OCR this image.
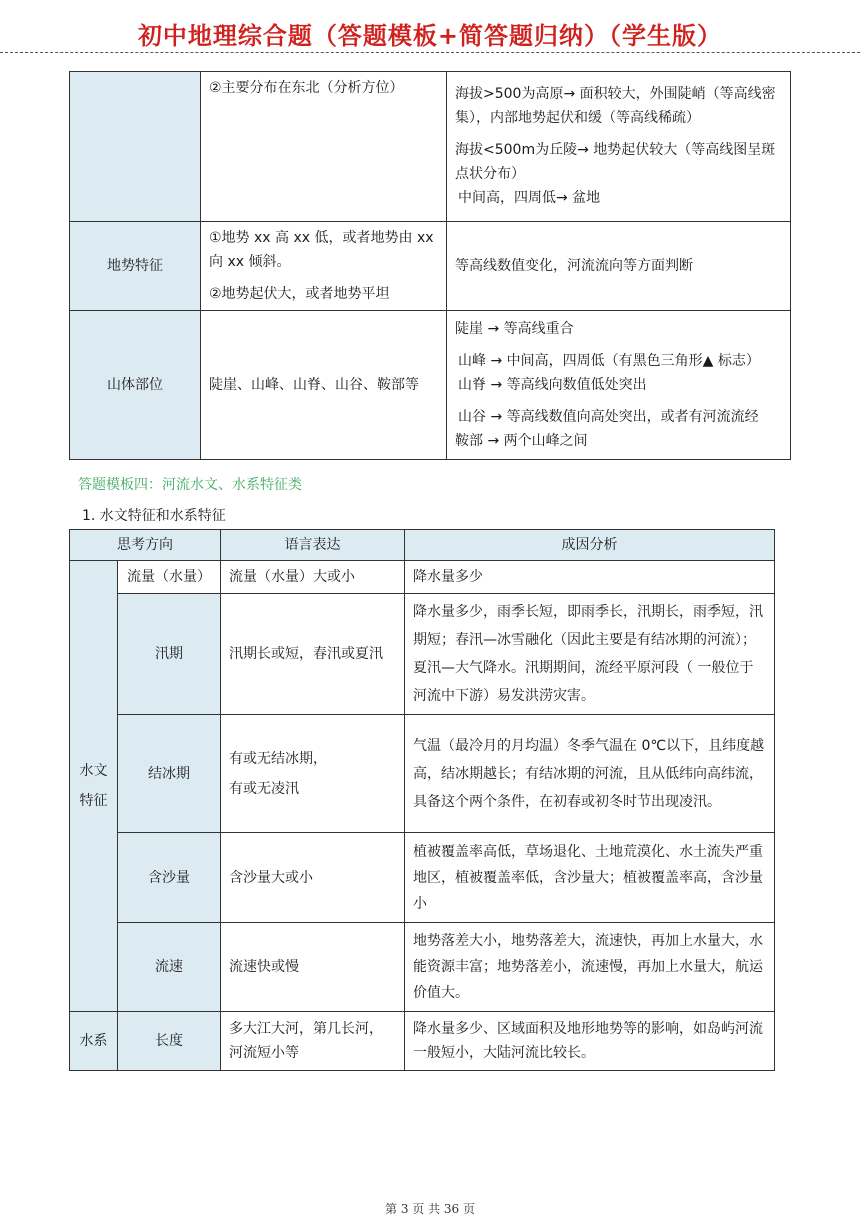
初中地理综合题（答题模板+简答题归纳）（学生版）

	②主要分布在东北（分析方位）	海拔>500为高原→ 面积较大，外围陡峭（等高线密集），内部地势起伏和缓（等高线稀疏）

海拔<500m为丘陵→ 地势起伏较大（等高线图呈斑点状分布）

中间高，四周低→ 盆地

地势特征	①地势 xx 高 xx 低，或者地势由 xx 向 xx 倾斜。

②地势起伏大，或者地势平坦	等高线数值变化，河流流向等方面判断

山体部位	陡崖、山峰、山脊、山谷、鞍部等	陡崖 → 等高线重合

山峰 → 中间高，四周低（有黑色三角形▲ 标志）

山脊 → 等高线向数值低处突出

山谷 → 等高线数值向高处突出，或者有河流流经

鞍部 → 两个山峰之间

答题模板四：河流水文、水系特征类
1. 水文特征和水系特征
思考方向		语言表达	成因分析
水文
特征	流量（水量）	流量（水量）大或小	降水量多少
	汛期	汛期长或短，春汛或夏汛	降水量多少，雨季长短，即雨季长，汛期长，雨季短，汛期短；春汛—冰雪融化（因此主要是有结冰期的河流）；夏汛—大气降水。汛期期间，流经平原河段（ 一般位于河流中下游）易发洪涝灾害。
	结冰期	有或无结冰期，
有或无凌汛	气温（最冷月的月均温）冬季气温在 0℃以下，且纬度越高，结冰期越长；有结冰期的河流，且从低纬向高纬流，具备这个两个条件，在初春或初冬时节出现凌汛。
	含沙量	含沙量大或小	植被覆盖率高低，草场退化、土地荒漠化、水土流失严重地区，植被覆盖率低，含沙量大；植被覆盖率高，含沙量小
	流速	流速快或慢	地势落差大小，地势落差大，流速快，再加上水量大，水能资源丰富；地势落差小，流速慢，再加上水量大，航运价值大。
水系	长度	多大江大河，第几长河，河流短小等	降水量多少、区域面积及地形地势等的影响，如岛屿河流一般短小，大陆河流比较长。
第 3 页 共 36 页
